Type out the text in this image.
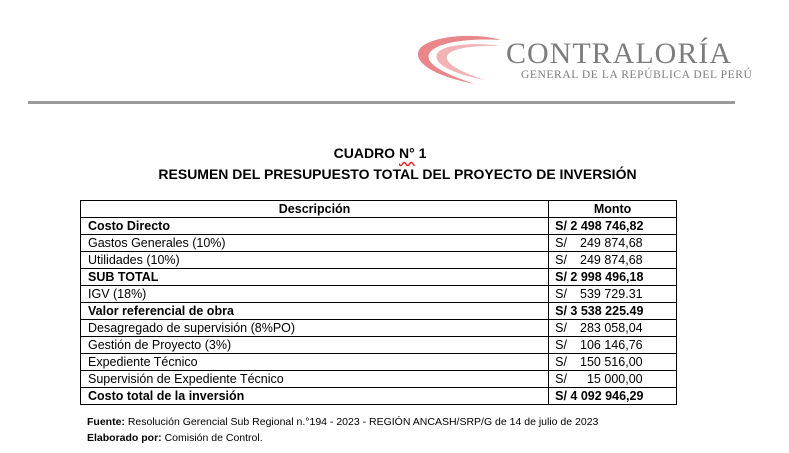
CONTRALORÍA
GENERAL DE LA REPÚBLICA DEL PERÚ
CUADRO N° 1
RESUMEN DEL PRESUPUESTO TOTAL DEL PROYECTO DE INVERSIÓN
Descripción	Monto
Costo Directo	S/ 2 498 746,82
Gastos Generales (10%)	S/ 249 874,68
Utilidades (10%)	S/ 249 874,68
SUB TOTAL	S/ 2 998 496,18
IGV (18%)	S/ 539 729.31
Valor referencial de obra	S/ 3 538 225.49
Desagregado de supervisión (8%PO)	S/ 283 058,04
Gestión de Proyecto (3%)	S/ 106 146,76
Expediente Técnico	S/ 150 516,00
Supervisión de Expediente Técnico	S/ 15 000,00
Costo total de la inversión	S/ 4 092 946,29
Fuente: Resolución Gerencial Sub Regional n.°194 - 2023 - REGIÓN ANCASH/SRP/G de 14 de julio de 2023
Elaborado por: Comisión de Control.
